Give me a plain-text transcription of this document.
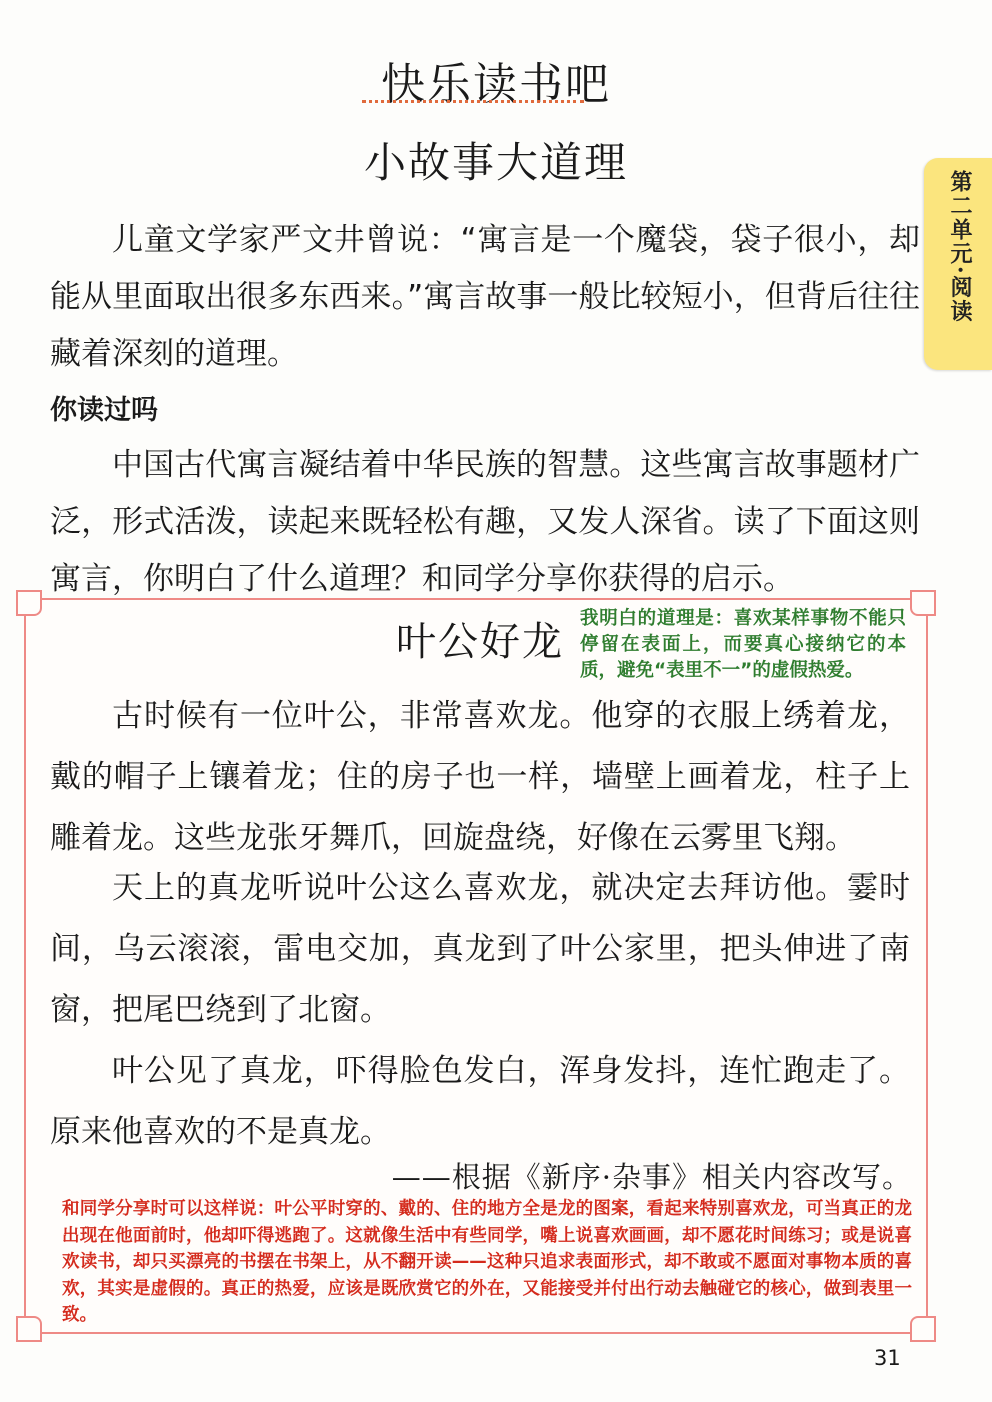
快乐读书吧
小故事大道理
第二单元·阅读
儿童文学家严文井曾说：“寓言是一个魔袋，袋子很小，却能从里面取出很多东西来。”寓言故事一般比较短小，但背后往往藏着深刻的道理。
你读过吗
中国古代寓言凝结着中华民族的智慧。这些寓言故事题材广泛，形式活泼，读起来既轻松有趣，又发人深省。读了下面这则寓言，你明白了什么道理？和同学分享你获得的启示。
叶公好龙
我明白的道理是：喜欢某样事物不能只停留在表面上，而要真心接纳它的本质，避免“表里不一”的虚假热爱。
古时候有一位叶公，非常喜欢龙。他穿的衣服上绣着龙，戴的帽子上镶着龙；住的房子也一样，墙壁上画着龙，柱子上雕着龙。这些龙张牙舞爪，回旋盘绕，好像在云雾里飞翔。
天上的真龙听说叶公这么喜欢龙，就决定去拜访他。霎时间，乌云滚滚，雷电交加，真龙到了叶公家里，把头伸进了南窗，把尾巴绕到了北窗。
叶公见了真龙，吓得脸色发白，浑身发抖，连忙跑走了。原来他喜欢的不是真龙。
——根据《新序·杂事》相关内容改写。
和同学分享时可以这样说：叶公平时穿的、戴的、住的地方全是龙的图案，看起来特别喜欢龙，可当真正的龙出现在他面前时，他却吓得逃跑了。这就像生活中有些同学，嘴上说喜欢画画，却不愿花时间练习；或是说喜欢读书，却只买漂亮的书摆在书架上，从不翻开读——这种只追求表面形式，却不敢或不愿面对事物本质的喜欢，其实是虚假的。真正的热爱，应该是既欣赏它的外在，又能接受并付出行动去触碰它的核心，做到表里一致。
31
